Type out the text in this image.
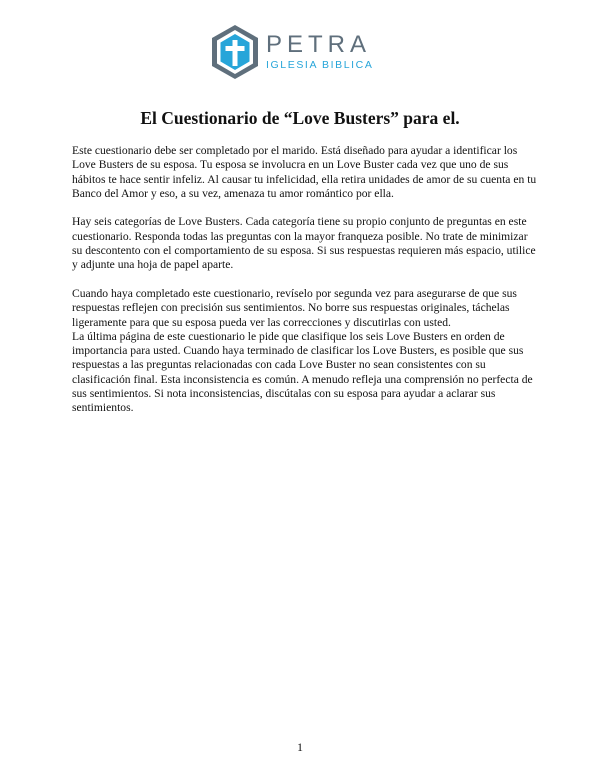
PETRA
IGLESIA BIBLICA
El Cuestionario de “Love Busters” para el.

Este cuestionario debe ser completado por el marido. Está diseñado para ayudar a identificar los Love Busters de su esposa. Tu esposa se involucra en un Love Buster cada vez que uno de sus hábitos te hace sentir infeliz. Al causar tu infelicidad, ella retira unidades de amor de su cuenta en tu Banco del Amor y eso, a su vez, amenaza tu amor romántico por ella.

Hay seis categorías de Love Busters. Cada categoría tiene su propio conjunto de preguntas en este cuestionario. Responda todas las preguntas con la mayor franqueza posible. No trate de minimizar su descontento con el comportamiento de su esposa. Si sus respuestas requieren más espacio, utilice y adjunte una hoja de papel aparte.

Cuando haya completado este cuestionario, revíselo por segunda vez para asegurarse de que sus respuestas reflejen con precisión sus sentimientos. No borre sus respuestas originales, táchelas ligeramente para que su esposa pueda ver las correcciones y discutirlas con usted.

La última página de este cuestionario le pide que clasifique los seis Love Busters en orden de importancia para usted. Cuando haya terminado de clasificar los Love Busters, es posible que sus respuestas a las preguntas relacionadas con cada Love Buster no sean consistentes con su clasificación final. Esta inconsistencia es común. A menudo refleja una comprensión no perfecta de sus sentimientos. Si nota inconsistencias, discútalas con su esposa para ayudar a aclarar sus sentimientos.

1
